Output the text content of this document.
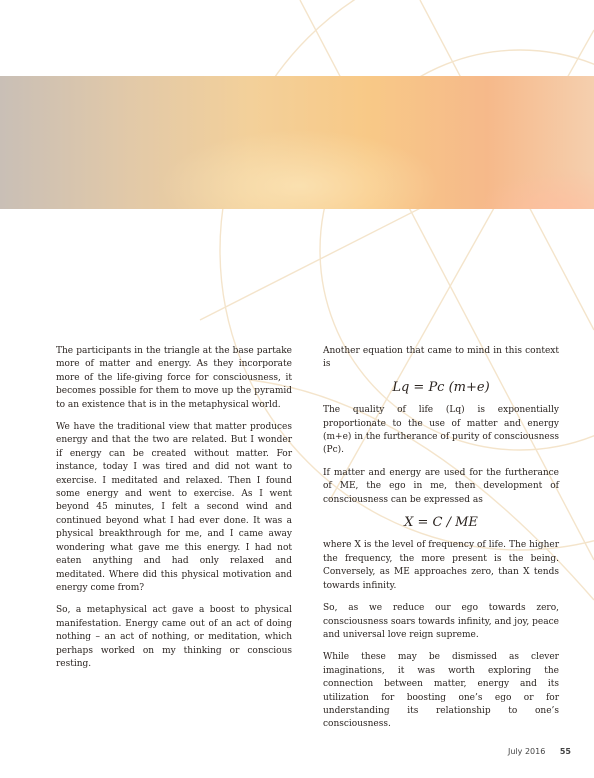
The participants in the triangle at the base partake more of matter and energy. As they incorporate more of the life-giving force for consciousness, it becomes possible for them to move up the pyramid to an existence that is in the metaphysical world.

We have the traditional view that matter produces energy and that the two are related. But I wonder if energy can be created without matter. For instance, today I was tired and did not want to exercise. I meditated and relaxed. Then I found some energy and went to exercise. As I went beyond 45 minutes, I felt a second wind and continued beyond what I had ever done. It was a physical breakthrough for me, and I came away wondering what gave me this energy. I had not eaten anything and had only relaxed and meditated. Where did this physical motivation and energy come from?

So, a metaphysical act gave a boost to physical manifestation. Energy came out of an act of doing nothing – an act of nothing, or meditation, which perhaps worked on my thinking or conscious resting.

Another equation that came to mind in this context is

Lq = Pc (m+e)

The quality of life (Lq) is exponentially proportionate to the use of matter and energy (m+e) in the furtherance of purity of consciousness (Pc).

If matter and energy are used for the furtherance of ME, the ego in me, then development of consciousness can be expressed as

X = C / ME

where X is the level of frequency of life. The higher the frequency, the more present is the being. Conversely, as ME approaches zero, than X tends towards infinity.

So, as we reduce our ego towards zero, consciousness soars towards infinity, and joy, peace and universal love reign supreme.

While these may be dismissed as clever imaginations, it was worth exploring the connection between matter, energy and its utilization for boosting one’s ego or for understanding its relationship to one’s consciousness.

July 2016 55
